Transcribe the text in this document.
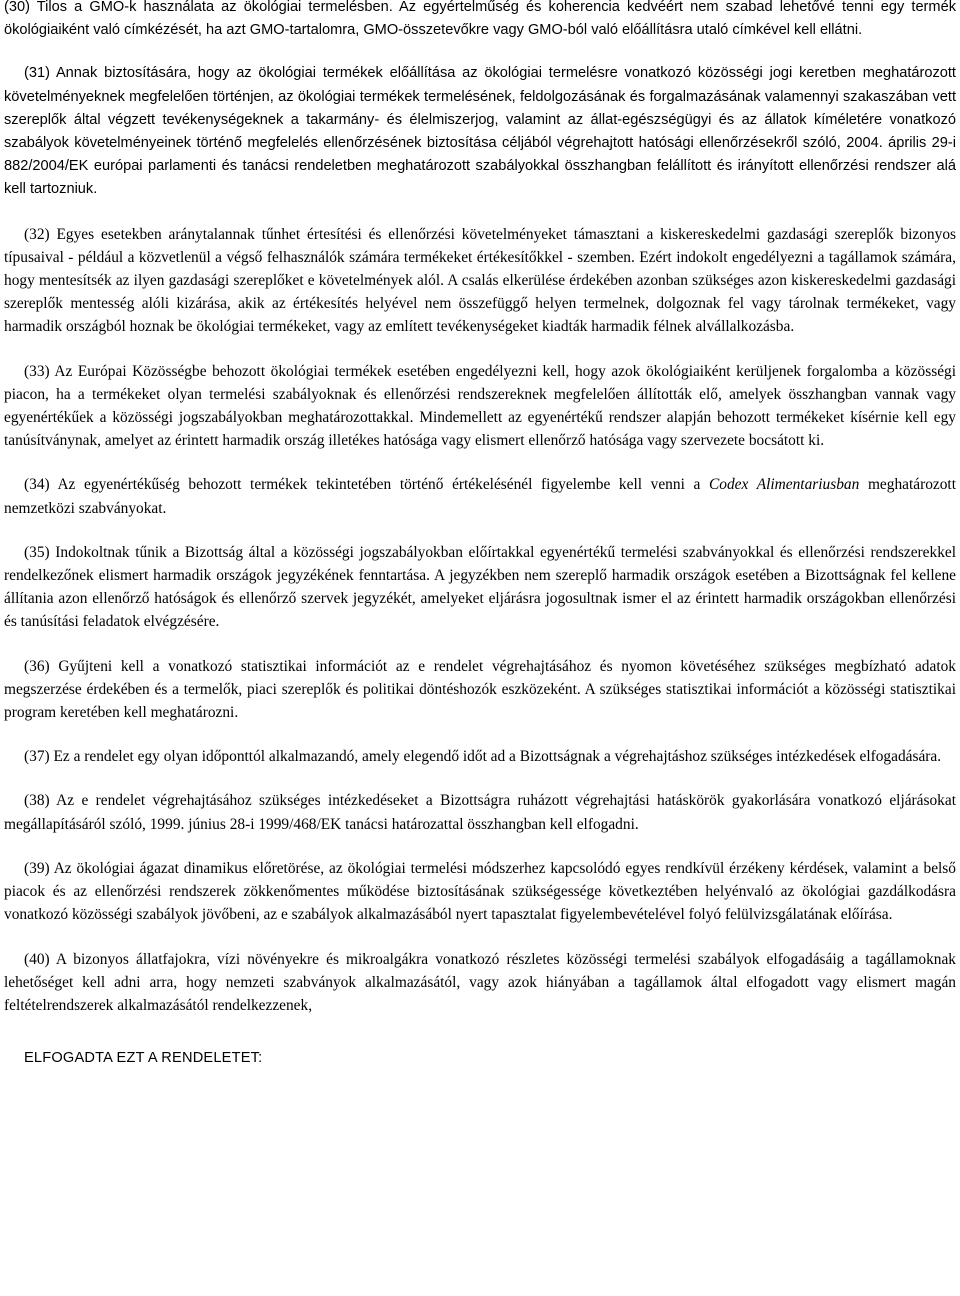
(30) Tilos a GMO-k használata az ökológiai termelésben. Az egyértelműség és koherencia kedvéért nem szabad lehetővé tenni egy termék ökológiaiként való címkézését, ha azt GMO-tartalomra, GMO-összetevőkre vagy GMO-ból való előállításra utaló címkével kell ellátni.

(31) Annak biztosítására, hogy az ökológiai termékek előállítása az ökológiai termelésre vonatkozó közösségi jogi keretben meghatározott követelményeknek megfelelően történjen, az ökológiai termékek termelésének, feldolgozásának és forgalmazásának valamennyi szakaszában vett szereplők által végzett tevékenységeknek a takarmány- és élelmiszerjog, valamint az állat-egészségügyi és az állatok kíméletére vonatkozó szabályok követelményeinek történő megfelelés ellenőrzésének biztosítása céljából végrehajtott hatósági ellenőrzésekről szóló, 2004. április 29-i 882/2004/EK európai parlamenti és tanácsi rendeletben meghatározott szabályokkal összhangban felállított és irányított ellenőrzési rendszer alá kell tartozniuk.

(32) Egyes esetekben aránytalannak tűnhet értesítési és ellenőrzési követelményeket támasztani a kiskereskedelmi gazdasági szereplők bizonyos típusaival - például a közvetlenül a végső felhasználók számára termékeket értékesítőkkel - szemben. Ezért indokolt engedélyezni a tagállamok számára, hogy mentesítsék az ilyen gazdasági szereplőket e követelmények alól. A csalás elkerülése érdekében azonban szükséges azon kiskereskedelmi gazdasági szereplők mentesség alóli kizárása, akik az értékesítés helyével nem összefüggő helyen termelnek, dolgoznak fel vagy tárolnak termékeket, vagy harmadik országból hoznak be ökológiai termékeket, vagy az említett tevékenységeket kiadták harmadik félnek alvállalkozásba.

(33) Az Európai Közösségbe behozott ökológiai termékek esetében engedélyezni kell, hogy azok ökológiaiként kerüljenek forgalomba a közösségi piacon, ha a termékeket olyan termelési szabályoknak és ellenőrzési rendszereknek megfelelően állították elő, amelyek összhangban vannak vagy egyenértékűek a közösségi jogszabályokban meghatározottakkal. Mindemellett az egyenértékű rendszer alapján behozott termékeket kísérnie kell egy tanúsítványnak, amelyet az érintett harmadik ország illetékes hatósága vagy elismert ellenőrző hatósága vagy szervezete bocsátott ki.

(34) Az egyenértékűség behozott termékek tekintetében történő értékelésénél figyelembe kell venni a Codex Alimentariusban meghatározott nemzetközi szabványokat.

(35) Indokoltnak tűnik a Bizottság által a közösségi jogszabályokban előírtakkal egyenértékű termelési szabványokkal és ellenőrzési rendszerekkel rendelkezőnek elismert harmadik országok jegyzékének fenntartása. A jegyzékben nem szereplő harmadik országok esetében a Bizottságnak fel kellene állítania azon ellenőrző hatóságok és ellenőrző szervek jegyzékét, amelyeket eljárásra jogosultnak ismer el az érintett harmadik országokban ellenőrzési és tanúsítási feladatok elvégzésére.

(36) Gyűjteni kell a vonatkozó statisztikai információt az e rendelet végrehajtásához és nyomon követéséhez szükséges megbízható adatok megszerzése érdekében és a termelők, piaci szereplők és politikai döntéshozók eszközeként. A szükséges statisztikai információt a közösségi statisztikai program keretében kell meghatározni.

(37) Ez a rendelet egy olyan időponttól alkalmazandó, amely elegendő időt ad a Bizottságnak a végrehajtáshoz szükséges intézkedések elfogadására.

(38) Az e rendelet végrehajtásához szükséges intézkedéseket a Bizottságra ruházott végrehajtási hatáskörök gyakorlására vonatkozó eljárásokat megállapításáról szóló, 1999. június 28-i 1999/468/EK tanácsi határozattal összhangban kell elfogadni.

(39) Az ökológiai ágazat dinamikus előretörése, az ökológiai termelési módszerhez kapcsolódó egyes rendkívül érzékeny kérdések, valamint a belső piacok és az ellenőrzési rendszerek zökkenőmentes működése biztosításának szükségessége következtében helyénvaló az ökológiai gazdálkodásra vonatkozó közösségi szabályok jövőbeni, az e szabályok alkalmazásából nyert tapasztalat figyelembevételével folyó felülvizsgálatának előírása.

(40) A bizonyos állatfajokra, vízi növényekre és mikroalgákra vonatkozó részletes közösségi termelési szabályok elfogadásáig a tagállamoknak lehetőséget kell adni arra, hogy nemzeti szabványok alkalmazásától, vagy azok hiányában a tagállamok által elfogadott vagy elismert magán feltételrendszerek alkalmazásától rendelkezzenek,

ELFOGADTA EZT A RENDELETET:
